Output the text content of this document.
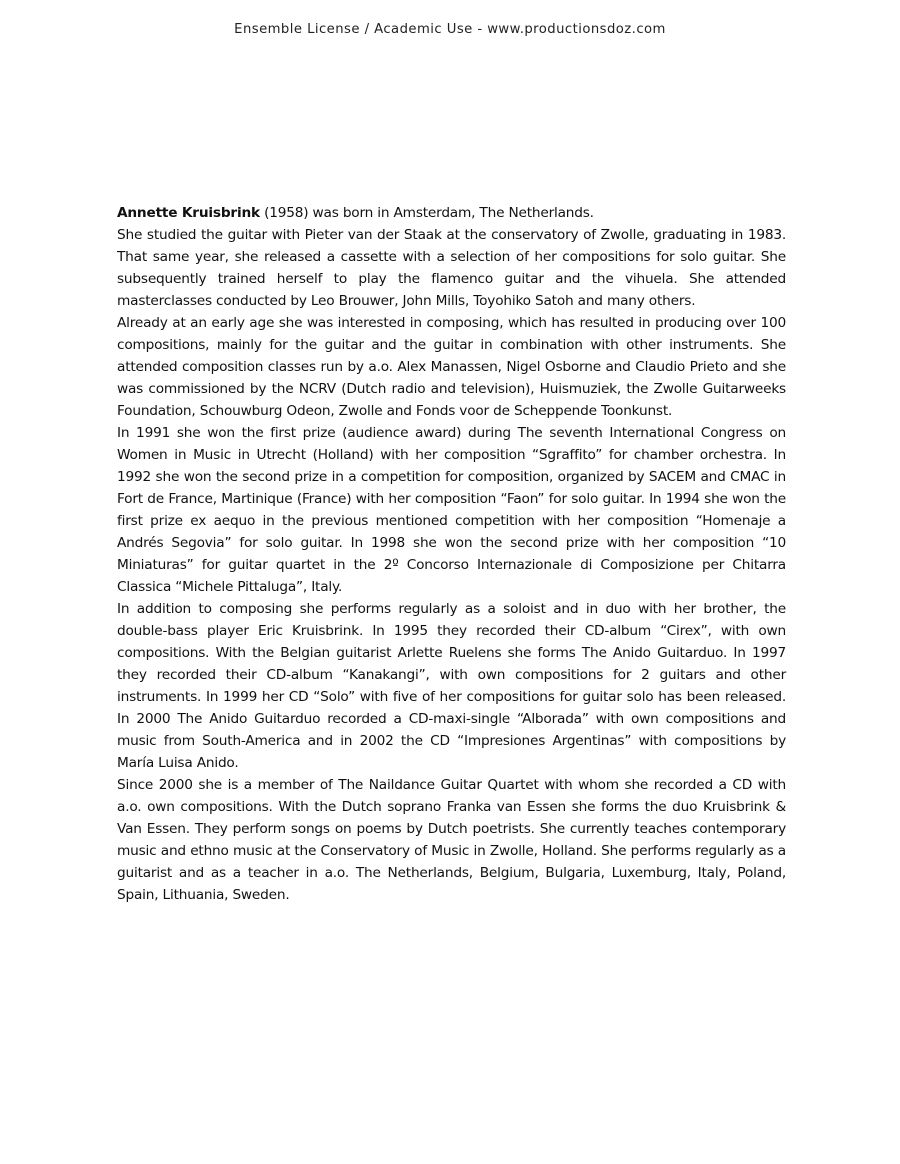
Ensemble License / Academic Use - www.productionsdoz.com

Annette Kruisbrink (1958) was born in Amsterdam, The Netherlands.

She studied the guitar with Pieter van der Staak at the conservatory of Zwolle, graduating in 1983. That same year, she released a cassette with a selection of her compositions for solo guitar. She subsequently trained herself to play the flamenco guitar and the vihuela. She attended masterclasses conducted by Leo Brouwer, John Mills, Toyohiko Satoh and many others.

Already at an early age she was interested in composing, which has resulted in producing over 100 compositions, mainly for the guitar and the guitar in combination with other instruments. She attended composition classes run by a.o. Alex Manassen, Nigel Osborne and Claudio Prieto and she was commissioned by the NCRV (Dutch radio and television), Huismuziek, the Zwolle Guitarweeks Foundation, Schouwburg Odeon, Zwolle and Fonds voor de Scheppende Toonkunst.

In 1991 she won the first prize (audience award) during The seventh International Congress on Women in Music in Utrecht (Holland) with her composition “Sgraffito” for chamber orchestra. In 1992 she won the second prize in a competition for composition, organized by SACEM and CMAC in Fort de France, Martinique (France) with her composition “Faon” for solo guitar. In 1994 she won the first prize ex aequo in the previous mentioned competition with her composition “Homenaje a Andrés Segovia” for solo guitar. In 1998 she won the second prize with her composition “10 Miniaturas” for guitar quartet in the 2º Concorso Internazionale di Composizione per Chitarra Classica “Michele Pittaluga”, Italy.

In addition to composing she performs regularly as a soloist and in duo with her brother, the double-bass player Eric Kruisbrink. In 1995 they recorded their CD-album “Cirex”, with own compositions. With the Belgian guitarist Arlette Ruelens she forms The Anido Guitarduo. In 1997 they recorded their CD-album “Kanakangi”, with own compositions for 2 guitars and other instruments. In 1999 her CD “Solo” with five of her compositions for guitar solo has been released. In 2000 The Anido Guitarduo recorded a CD-maxi-single “Alborada” with own compositions and music from South-America and in 2002 the CD “Impresiones Argentinas” with compositions by María Luisa Anido.

Since 2000 she is a member of The Naildance Guitar Quartet with whom she recorded a CD with a.o. own compositions. With the Dutch soprano Franka van Essen she forms the duo Kruisbrink & Van Essen. They perform songs on poems by Dutch poetrists. She currently teaches contemporary music and ethno music at the Conservatory of Music in Zwolle, Holland. She performs regularly as a guitarist and as a teacher in a.o. The Netherlands, Belgium, Bulgaria, Luxemburg, Italy, Poland, Spain, Lithuania, Sweden.
